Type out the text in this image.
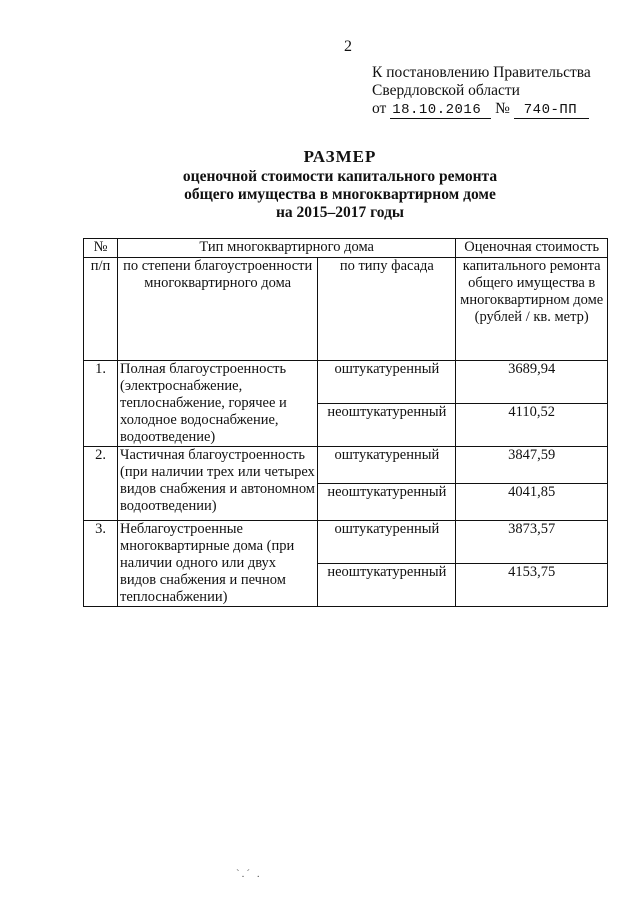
2
К постановлению Правительства
Свердловской области
от 18.10.2016 № 740-ПП
РАЗМЕР
оценочной стоимости капитального ремонта
общего имущества в многоквартирном доме
на 2015–2017 годы
№	Тип многоквартирного дома		Оценочная стоимость
п/п	по степени благоустроенности многоквартирного дома	по типу фасада	капитального ремонта общего имущества в многоквартирном доме (рублей / кв. метр)
1.	Полная благоустроенность (электроснабжение, теплоснабжение, горячее и холодное водоснабжение, водоотведение)	оштукатуренный	3689,94
		неоштукатуренный	4110,52
2.	Частичная благоустроенность (при наличии трех или четырех видов снабжения и автономном водоотведении)	оштукатуренный	3847,59
		неоштукатуренный	4041,85
3.	Неблагоустроенные многоквартирные дома (при наличии одного или двух видов снабжения и печном теплоснабжении)	оштукатуренный	3873,57
		неоштукатуренный	4153,75
`.´ .
